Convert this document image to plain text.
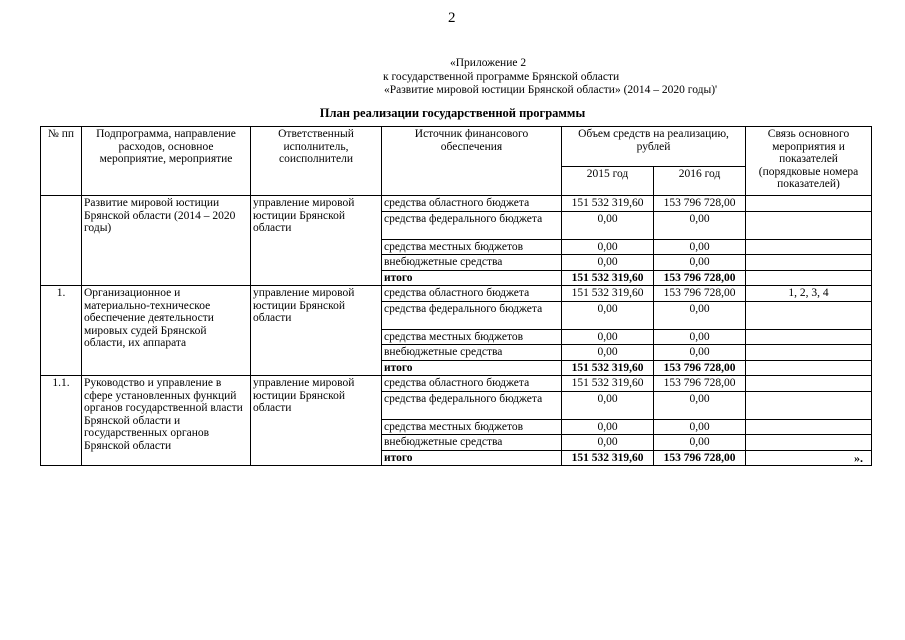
2
«Приложение 2
к государственной программе Брянской области
«Развитие мировой юстиции Брянской области» (2014 – 2020 годы)'
План реализации государственной программы
№ пп	Подпрограмма, направление расходов, основное мероприятие, мероприятие	Ответственный исполнитель, соисполнители	Источник финансового обеспечения	Объем средств на реализацию, рублей		Связь основного мероприятия и показателей (порядковые номера показателей)
				2015 год	2016 год	
	Развитие мировой юстиции Брянской области (2014 – 2020 годы)	управление мировой юстиции Брянской области	средства областного бюджета	151 532 319,60	153 796 728,00	
			средства федерального бюджета	0,00	0,00	
			средства местных бюджетов	0,00	0,00	
			внебюджетные средства	0,00	0,00	
			итого	151 532 319,60	153 796 728,00	
1.	Организационное и материально-техническое обеспечение деятельности мировых судей Брянской области, их аппарата	управление мировой юстиции Брянской области	средства областного бюджета	151 532 319,60	153 796 728,00	1, 2, 3, 4
			средства федерального бюджета	0,00	0,00	
			средства местных бюджетов	0,00	0,00	
			внебюджетные средства	0,00	0,00	
			итого	151 532 319,60	153 796 728,00	
1.1.	Руководство и управление в сфере установленных функций органов государственной власти Брянской области и государственных органов Брянской области	управление мировой юстиции Брянской области	средства областного бюджета	151 532 319,60	153 796 728,00	
			средства федерального бюджета	0,00	0,00	
			средства местных бюджетов	0,00	0,00	
			внебюджетные средства	0,00	0,00	
			итого	151 532 319,60	153 796 728,00	».
